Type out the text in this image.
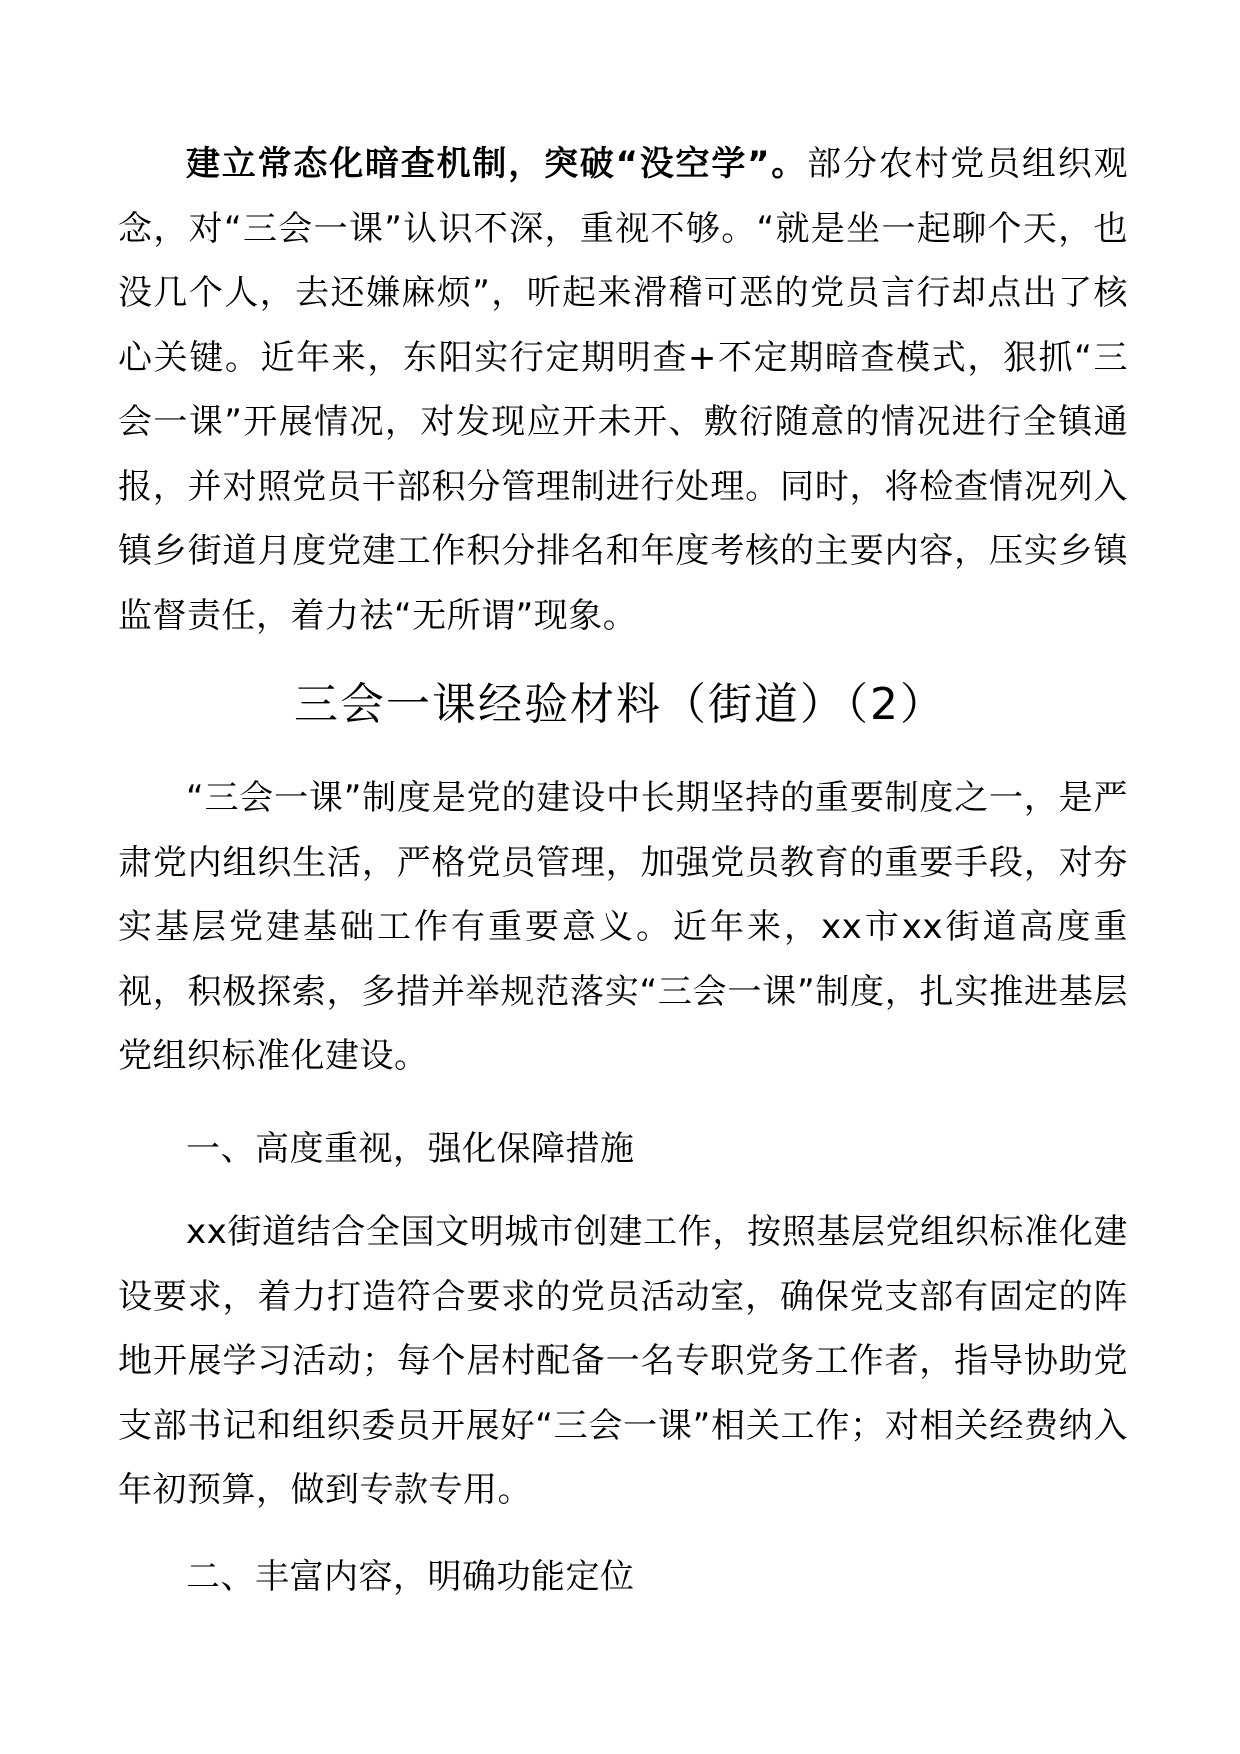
建立常态化暗查机制，突破“没空学”。部分农村党员组织观念，对“三会一课”认识不深，重视不够。“就是坐一起聊个天，也没几个人，去还嫌麻烦”，听起来滑稽可恶的党员言行却点出了核心关键。近年来，东阳实行定期明查+不定期暗查模式，狠抓“三会一课”开展情况，对发现应开未开、敷衍随意的情况进行全镇通报，并对照党员干部积分管理制进行处理。同时，将检查情况列入镇乡街道月度党建工作积分排名和年度考核的主要内容，压实乡镇监督责任，着力祛“无所谓”现象。

三会一课经验材料（街道）（2）

“三会一课”制度是党的建设中长期坚持的重要制度之一，是严肃党内组织生活，严格党员管理，加强党员教育的重要手段，对夯实基层党建基础工作有重要意义。近年来，xx市xx街道高度重视，积极探索，多措并举规范落实“三会一课”制度，扎实推进基层党组织标准化建设。

一、高度重视，强化保障措施

xx街道结合全国文明城市创建工作，按照基层党组织标准化建设要求，着力打造符合要求的党员活动室，确保党支部有固定的阵地开展学习活动；每个居村配备一名专职党务工作者，指导协助党支部书记和组织委员开展好“三会一课”相关工作；对相关经费纳入年初预算，做到专款专用。

二、丰富内容，明确功能定位
